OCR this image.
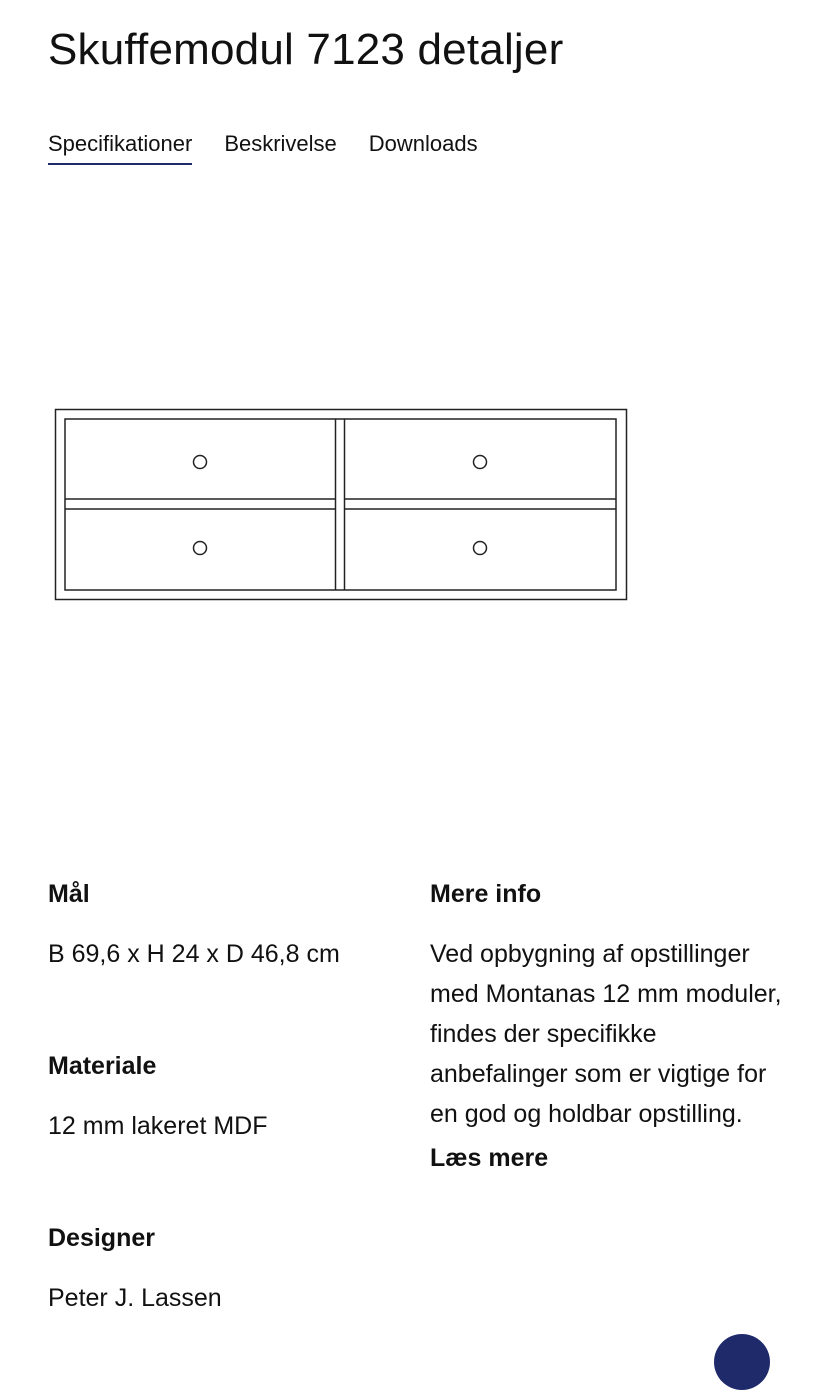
Skuffemodul 7123 detaljer
Specifikationer Beskrivelse Downloads

Mål

B 69,6 x H 24 x D 46,8 cm

Materiale

12 mm lakeret MDF

Designer

Peter J. Lassen

Mere info

Ved opbygning af opstillinger med Montanas 12 mm moduler, findes der specifikke anbefalinger som er vigtige for en god og holdbar opstilling.

Læs mere
